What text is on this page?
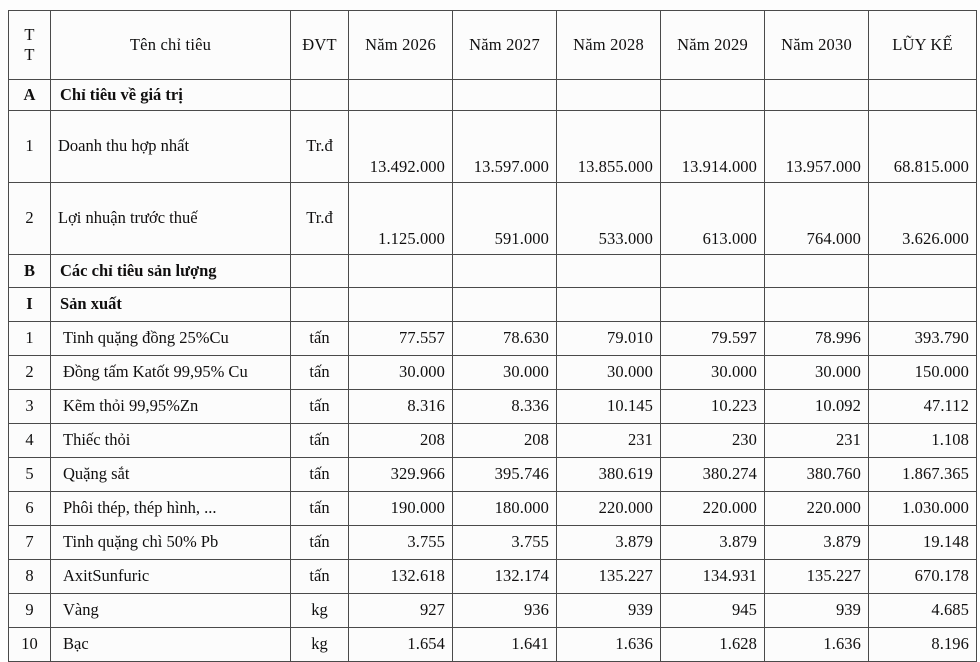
T
T	Tên chỉ tiêu	ĐVT	Năm 2026	Năm 2027	Năm 2028	Năm 2029	Năm 2030	LŨY KẾ
A	Chỉ tiêu về giá trị							
1	Doanh thu hợp nhất	Tr.đ	13.492.000	13.597.000	13.855.000	13.914.000	13.957.000	68.815.000
2	Lợi nhuận trước thuế	Tr.đ	1.125.000	591.000	533.000	613.000	764.000	3.626.000
B	Các chỉ tiêu sản lượng							
I	Sản xuất							
1	Tinh quặng đồng 25%Cu	tấn	77.557	78.630	79.010	79.597	78.996	393.790
2	Đồng tấm Katốt 99,95% Cu	tấn	30.000	30.000	30.000	30.000	30.000	150.000
3	Kẽm thỏi 99,95%Zn	tấn	8.316	8.336	10.145	10.223	10.092	47.112
4	Thiếc thỏi	tấn	208	208	231	230	231	1.108
5	Quặng sắt	tấn	329.966	395.746	380.619	380.274	380.760	1.867.365
6	Phôi thép, thép hình, ...	tấn	190.000	180.000	220.000	220.000	220.000	1.030.000
7	Tinh quặng chì 50% Pb	tấn	3.755	3.755	3.879	3.879	3.879	19.148
8	AxitSunfuric	tấn	132.618	132.174	135.227	134.931	135.227	670.178
9	Vàng	kg	927	936	939	945	939	4.685
10	Bạc	kg	1.654	1.641	1.636	1.628	1.636	8.196
